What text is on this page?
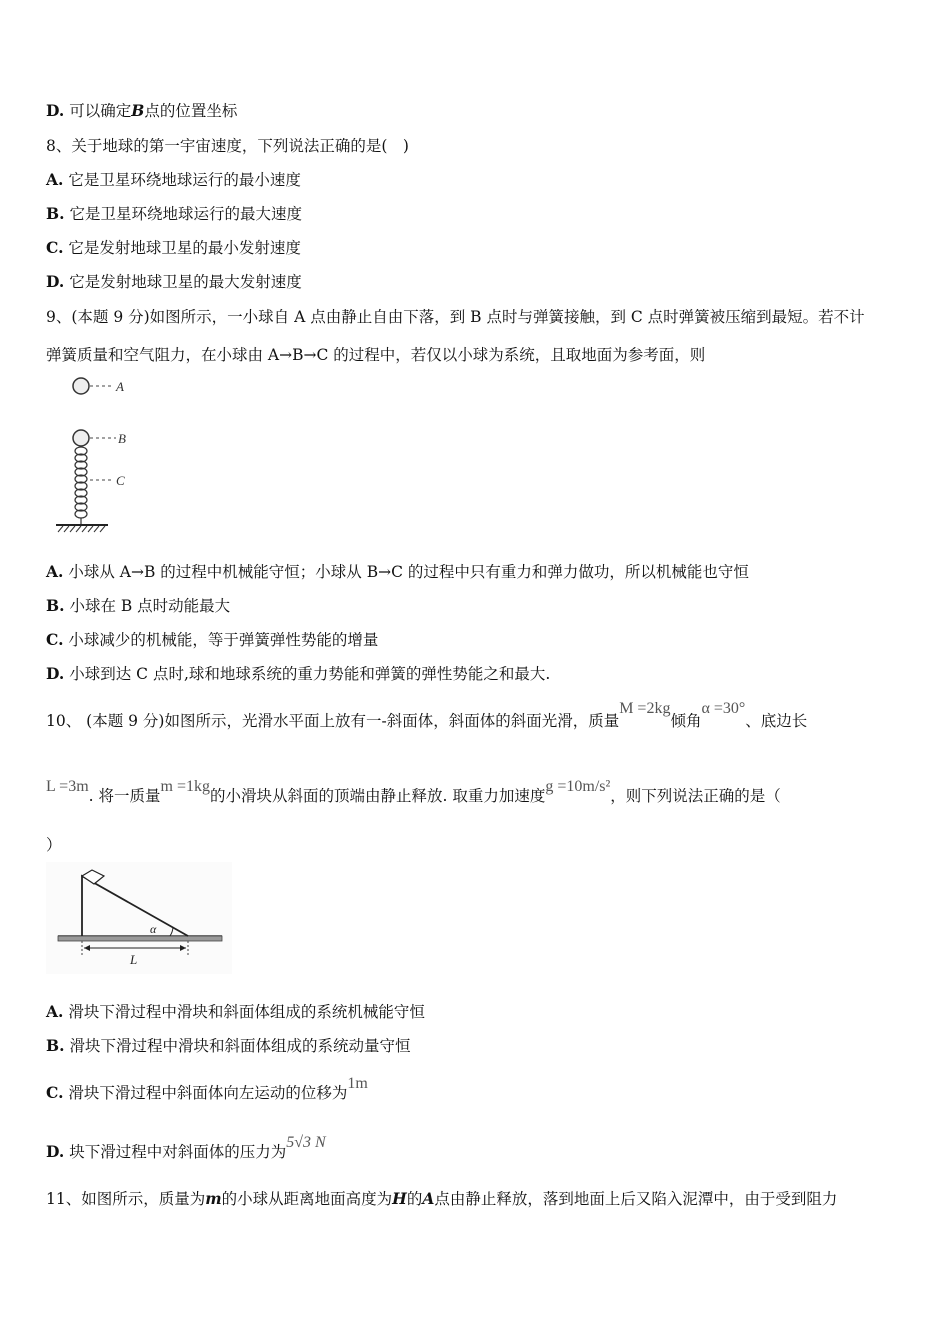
D. 可以确定B点的位置坐标
8、关于地球的第一宇宙速度，下列说法正确的是(　)
A. 它是卫星环绕地球运行的最小速度
B. 它是卫星环绕地球运行的最大速度
C. 它是发射地球卫星的最小发射速度
D. 它是发射地球卫星的最大发射速度
9、(本题 9 分)如图所示，一小球自 A 点由静止自由下落，到 B 点时与弹簧接触，到 C 点时弹簧被压缩到最短。若不计
弹簧质量和空气阻力，在小球由 A→B→C 的过程中，若仅以小球为系统，且取地面为参考面，则
A
B
C
A. 小球从 A→B 的过程中机械能守恒；小球从 B→C 的过程中只有重力和弹力做功，所以机械能也守恒
B. 小球在 B 点时动能最大
C. 小球减少的机械能，等于弹簧弹性势能的增量
D. 小球到达 C 点时,球和地球系统的重力势能和弹簧的弹性势能之和最大.
10、 (本题 9 分)如图所示，光滑水平面上放有一-斜面体，斜面体的斜面光滑，质量M =2kg倾角α =30°、底边长
L =3m. 将一质量m =1kg的小滑块从斜面的顶端由静止释放. 取重力加速度g =10m/s²，则下列说法正确的是（
）
α
L
A. 滑块下滑过程中滑块和斜面体组成的系统机械能守恒
B. 滑块下滑过程中滑块和斜面体组成的系统动量守恒
C. 滑块下滑过程中斜面体向左运动的位移为1m
D. 块下滑过程中对斜面体的压力为5√3 N
11、如图所示，质量为m的小球从距离地面高度为H的A点由静止释放，落到地面上后又陷入泥潭中，由于受到阻力
